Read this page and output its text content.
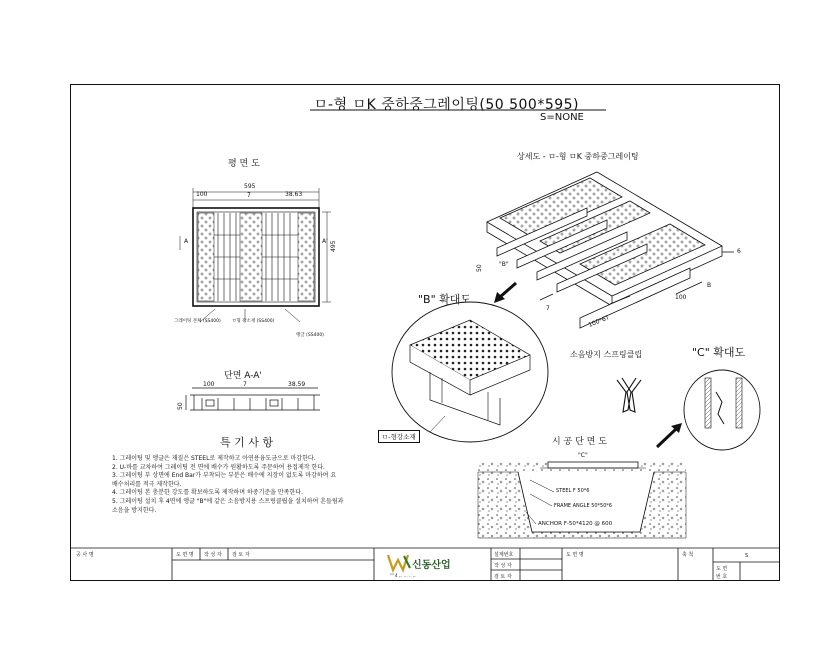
ㅁ-형 ㅁK 중하중그레이팅(50 500*595)
S=NONE
평 면 도
100
595
7	38.63
495
A	A'
그레이팅 본체 (SS400) ㅁ형 강소재 (SS400)
앵글 (SS400)
단면 A-A'
100	7	38.59
50
특 기 사 항
1. 그레이팅 및 앵글은 재질은 STEEL로 제작하고 아연용융도금으로 마감한다.
2. U-바를 교차하여 그레이팅 전 면에 배수가 원활하도록 주문하여 용접제작 한다.
3. 그레이팅 부 상면에 End Bar가 부착되는 부분은 배수에 지장이 없도록 마감하여 요
배수처리를 적극 제작한다.
4. 그레이팅 본 충분한 강도를 확보하도록 제작하며 하중기준을 만족한다.
5. 그레이팅 설치 후 4면에 앵글 "B"에 같은 소음방지용 스프링클립을 설치하여 흔들림과
소음을 방지한다.
상세도 - ㅁ-형 ㅁK 중하중그레이팅
"B"
50
7
6
100
B
100*6T
"B" 확대도
ㅁ-형강소재
소음방지 스프링클립	"C" 확대도
시 공 단 면 도
"C"
STEEL F 50*6
FRAME ANGLE 50*50*6
ANCHOR F-50*4120 @ 600
공 사 명	도 면 명 작 성 자 검 토 자
신동산업
"" 4 ,.. ... .. ,..
설계번호
작 성 자
검 토 자
도 면 명	축 척	S
도 면
번 호
